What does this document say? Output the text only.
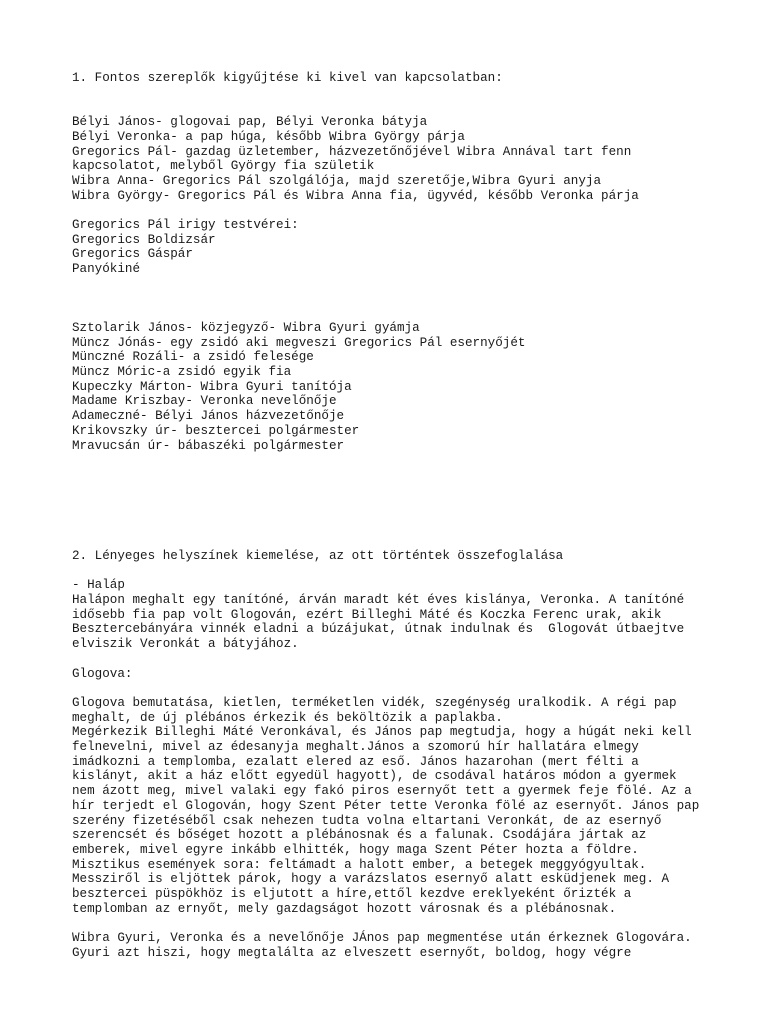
1. Fontos szereplők kigyűjtése ki kivel van kapcsolatban:
Bélyi János- glogovai pap, Bélyi Veronka bátyja
Bélyi Veronka- a pap húga, később Wibra György párja
Gregorics Pál- gazdag üzletember, házvezetőnőjével Wibra Annával tart fenn
kapcsolatot, melyből György fia születik
Wibra Anna- Gregorics Pál szolgálója, majd szeretője,Wibra Gyuri anyja
Wibra György- Gregorics Pál és Wibra Anna fia, ügyvéd, később Veronka párja
Gregorics Pál irigy testvérei:
Gregorics Boldizsár
Gregorics Gáspár
Panyókiné
Sztolarik János- közjegyző- Wibra Gyuri gyámja
Müncz Jónás- egy zsidó aki megveszi Gregorics Pál esernyőjét
Münczné Rozáli- a zsidó felesége
Müncz Móric-a zsidó egyik fia
Kupeczky Márton- Wibra Gyuri tanítója
Madame Kriszbay- Veronka nevelőnője
Adameczné- Bélyi János házvezetőnője
Krikovszky úr- besztercei polgármester
Mravucsán úr- bábaszéki polgármester
2. Lényeges helyszínek kiemelése, az ott történtek összefoglalása
- Haláp
Halápon meghalt egy tanítóné, árván maradt két éves kislánya, Veronka. A tanítóné
idősebb fia pap volt Glogován, ezért Billeghi Máté és Koczka Ferenc urak, akik
Besztercebányára vinnék eladni a búzájukat, útnak indulnak és  Glogovát útbaejtve
elviszik Veronkát a bátyjához.
Glogova:
Glogova bemutatása, kietlen, terméketlen vidék, szegénység uralkodik. A régi pap
meghalt, de új plébános érkezik és beköltözik a paplakba.
Megérkezik Billeghi Máté Veronkával, és János pap megtudja, hogy a húgát neki kell
felnevelni, mivel az édesanyja meghalt.János a szomorú hír hallatára elmegy
imádkozni a templomba, ezalatt elered az eső. János hazarohan (mert félti a
kislányt, akit a ház előtt egyedül hagyott), de csodával határos módon a gyermek
nem ázott meg, mivel valaki egy fakó piros esernyőt tett a gyermek feje fölé. Az a
hír terjedt el Glogován, hogy Szent Péter tette Veronka fölé az esernyőt. János pap
szerény fizetéséből csak nehezen tudta volna eltartani Veronkát, de az esernyő
szerencsét és bőséget hozott a plébánosnak és a falunak. Csodájára jártak az
emberek, mivel egyre inkább elhitték, hogy maga Szent Péter hozta a földre.
Misztikus események sora: feltámadt a halott ember, a betegek meggyógyultak.
Messziről is eljöttek párok, hogy a varázslatos esernyő alatt esküdjenek meg. A
besztercei püspökhöz is eljutott a híre,ettől kezdve ereklyeként őrizték a
templomban az ernyőt, mely gazdagságot hozott városnak és a plébánosnak.
Wibra Gyuri, Veronka és a nevelőnője JÁnos pap megmentése után érkeznek Glogovára.
Gyuri azt hiszi, hogy megtalálta az elveszett esernyőt, boldog, hogy végre
